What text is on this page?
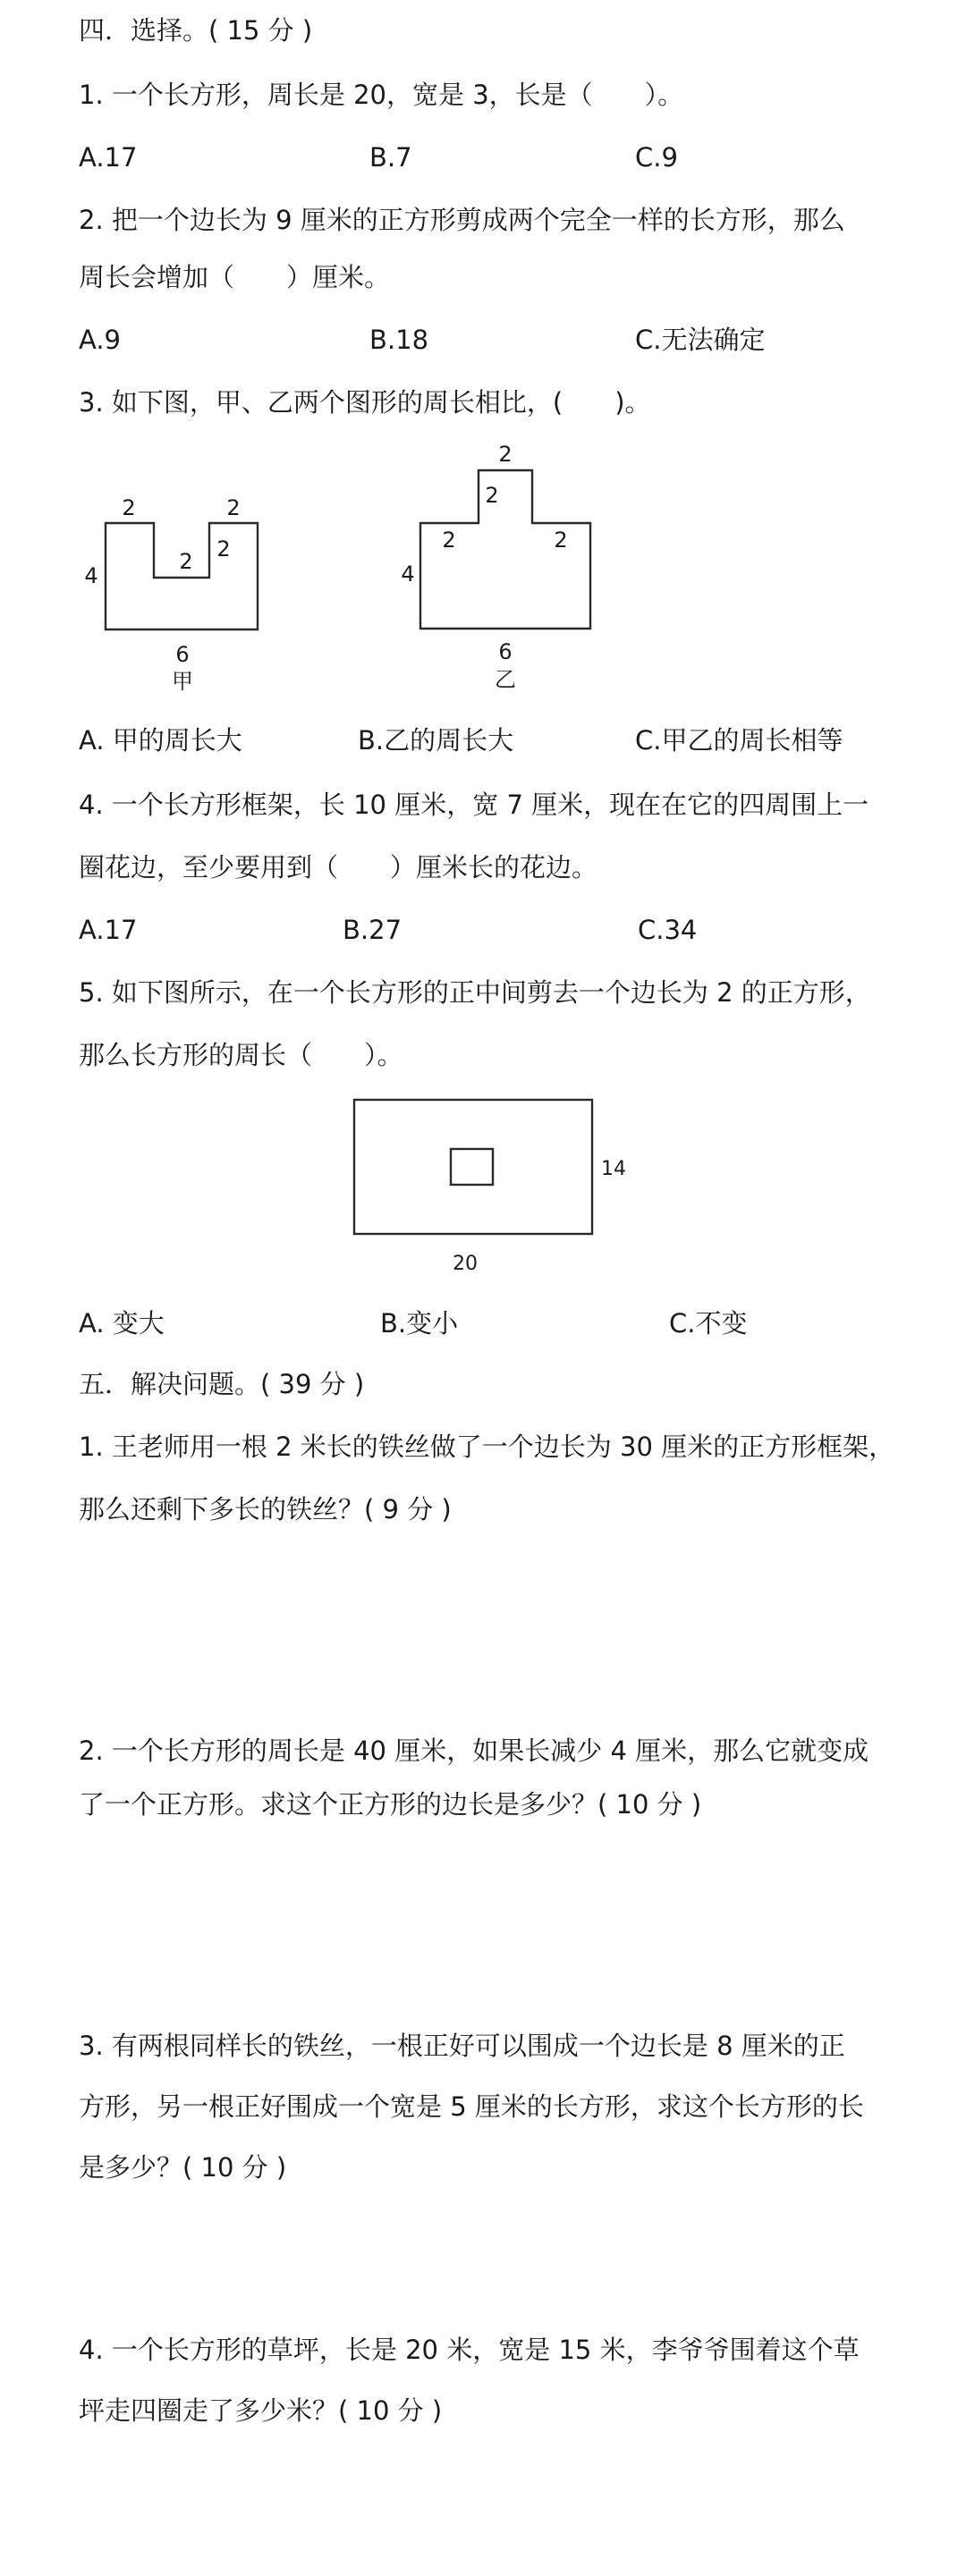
四．选择。( 15 分 )
1. 一个长方形，周长是 20，宽是 3，长是（　　）。
A.17	B.7	C.9
2. 把一个边长为 9 厘米的正方形剪成两个完全一样的长方形，那么
周长会增加（　　）厘米。
A.9	B.18	C.无法确定
3. 如下图，甲、乙两个图形的周长相比，(　　)。
2	2
2 2
4
6
甲
2
2
2	2
4
6
乙
A. 甲的周长大	B.乙的周长大	C.甲乙的周长相等
4. 一个长方形框架，长 10 厘米，宽 7 厘米，现在在它的四周围上一
圈花边，至少要用到（　　）厘米长的花边。
A.17	B.27	C.34
5. 如下图所示，在一个长方形的正中间剪去一个边长为 2 的正方形，
那么长方形的周长（　　）。
14
20
A. 变大	B.变小	C.不变
五．解决问题。( 39 分 )
1. 王老师用一根 2 米长的铁丝做了一个边长为 30 厘米的正方形框架，
那么还剩下多长的铁丝？( 9 分 )
2. 一个长方形的周长是 40 厘米，如果长减少 4 厘米，那么它就变成
了一个正方形。求这个正方形的边长是多少？( 10 分 )
3. 有两根同样长的铁丝，一根正好可以围成一个边长是 8 厘米的正
方形，另一根正好围成一个宽是 5 厘米的长方形，求这个长方形的长
是多少？( 10 分 )
4. 一个长方形的草坪，长是 20 米，宽是 15 米，李爷爷围着这个草
坪走四圈走了多少米？( 10 分 )
